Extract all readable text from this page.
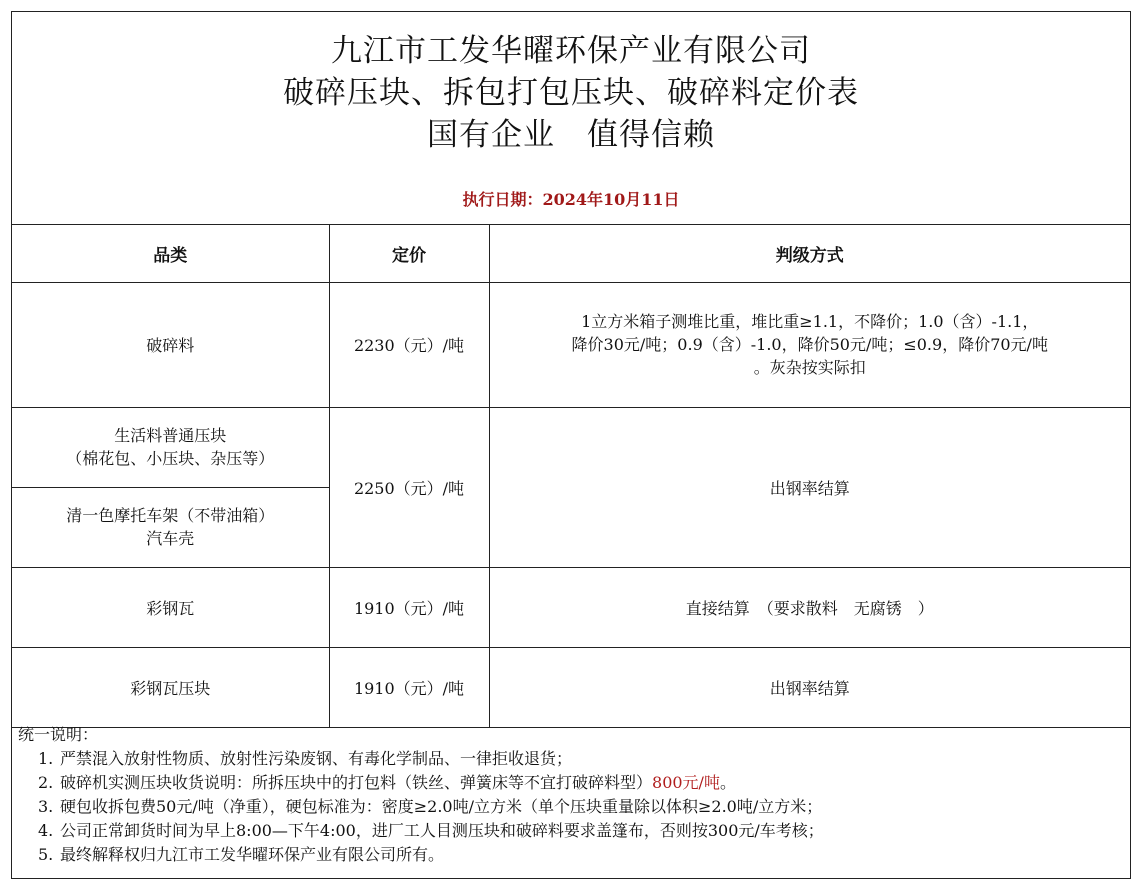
九江市工发华曜环保产业有限公司
破碎压块、拆包打包压块、破碎料定价表
国有企业 值得信赖
执行日期：2024年10月11日
品类	定价	判级方式
破碎料	2230（元）/吨	1立方米箱子测堆比重，堆比重≥1.1，不降价；1.0（含）-1.1，
降价30元/吨；0.9（含）-1.0，降价50元/吨；≤0.9，降价70元/吨
。灰杂按实际扣

生活料普通压块
（棉花包、小压块、杂压等）	2250（元）/吨	出钢率结算

清一色摩托车架（不带油箱）
汽车壳		

彩钢瓦	1910（元）/吨	直接结算　（要求散料　无腐锈　）
彩钢瓦压块	1910（元）/吨	出钢率结算
统一说明：
1. 严禁混入放射性物质、放射性污染废钢、有毒化学制品、一律拒收退货；
2. 破碎机实测压块收货说明：所拆压块中的打包料（铁丝、弹簧床等不宜打破碎料型）800元/吨。
3. 硬包收拆包费50元/吨（净重），硬包标准为：密度≥2.0吨/立方米（单个压块重量除以体积≥2.0吨/立方米；
4. 公司正常卸货时间为早上8:00—下午4:00，进厂工人目测压块和破碎料要求盖篷布，否则按300元/车考核；
5. 最终解释权归九江市工发华曜环保产业有限公司所有。
